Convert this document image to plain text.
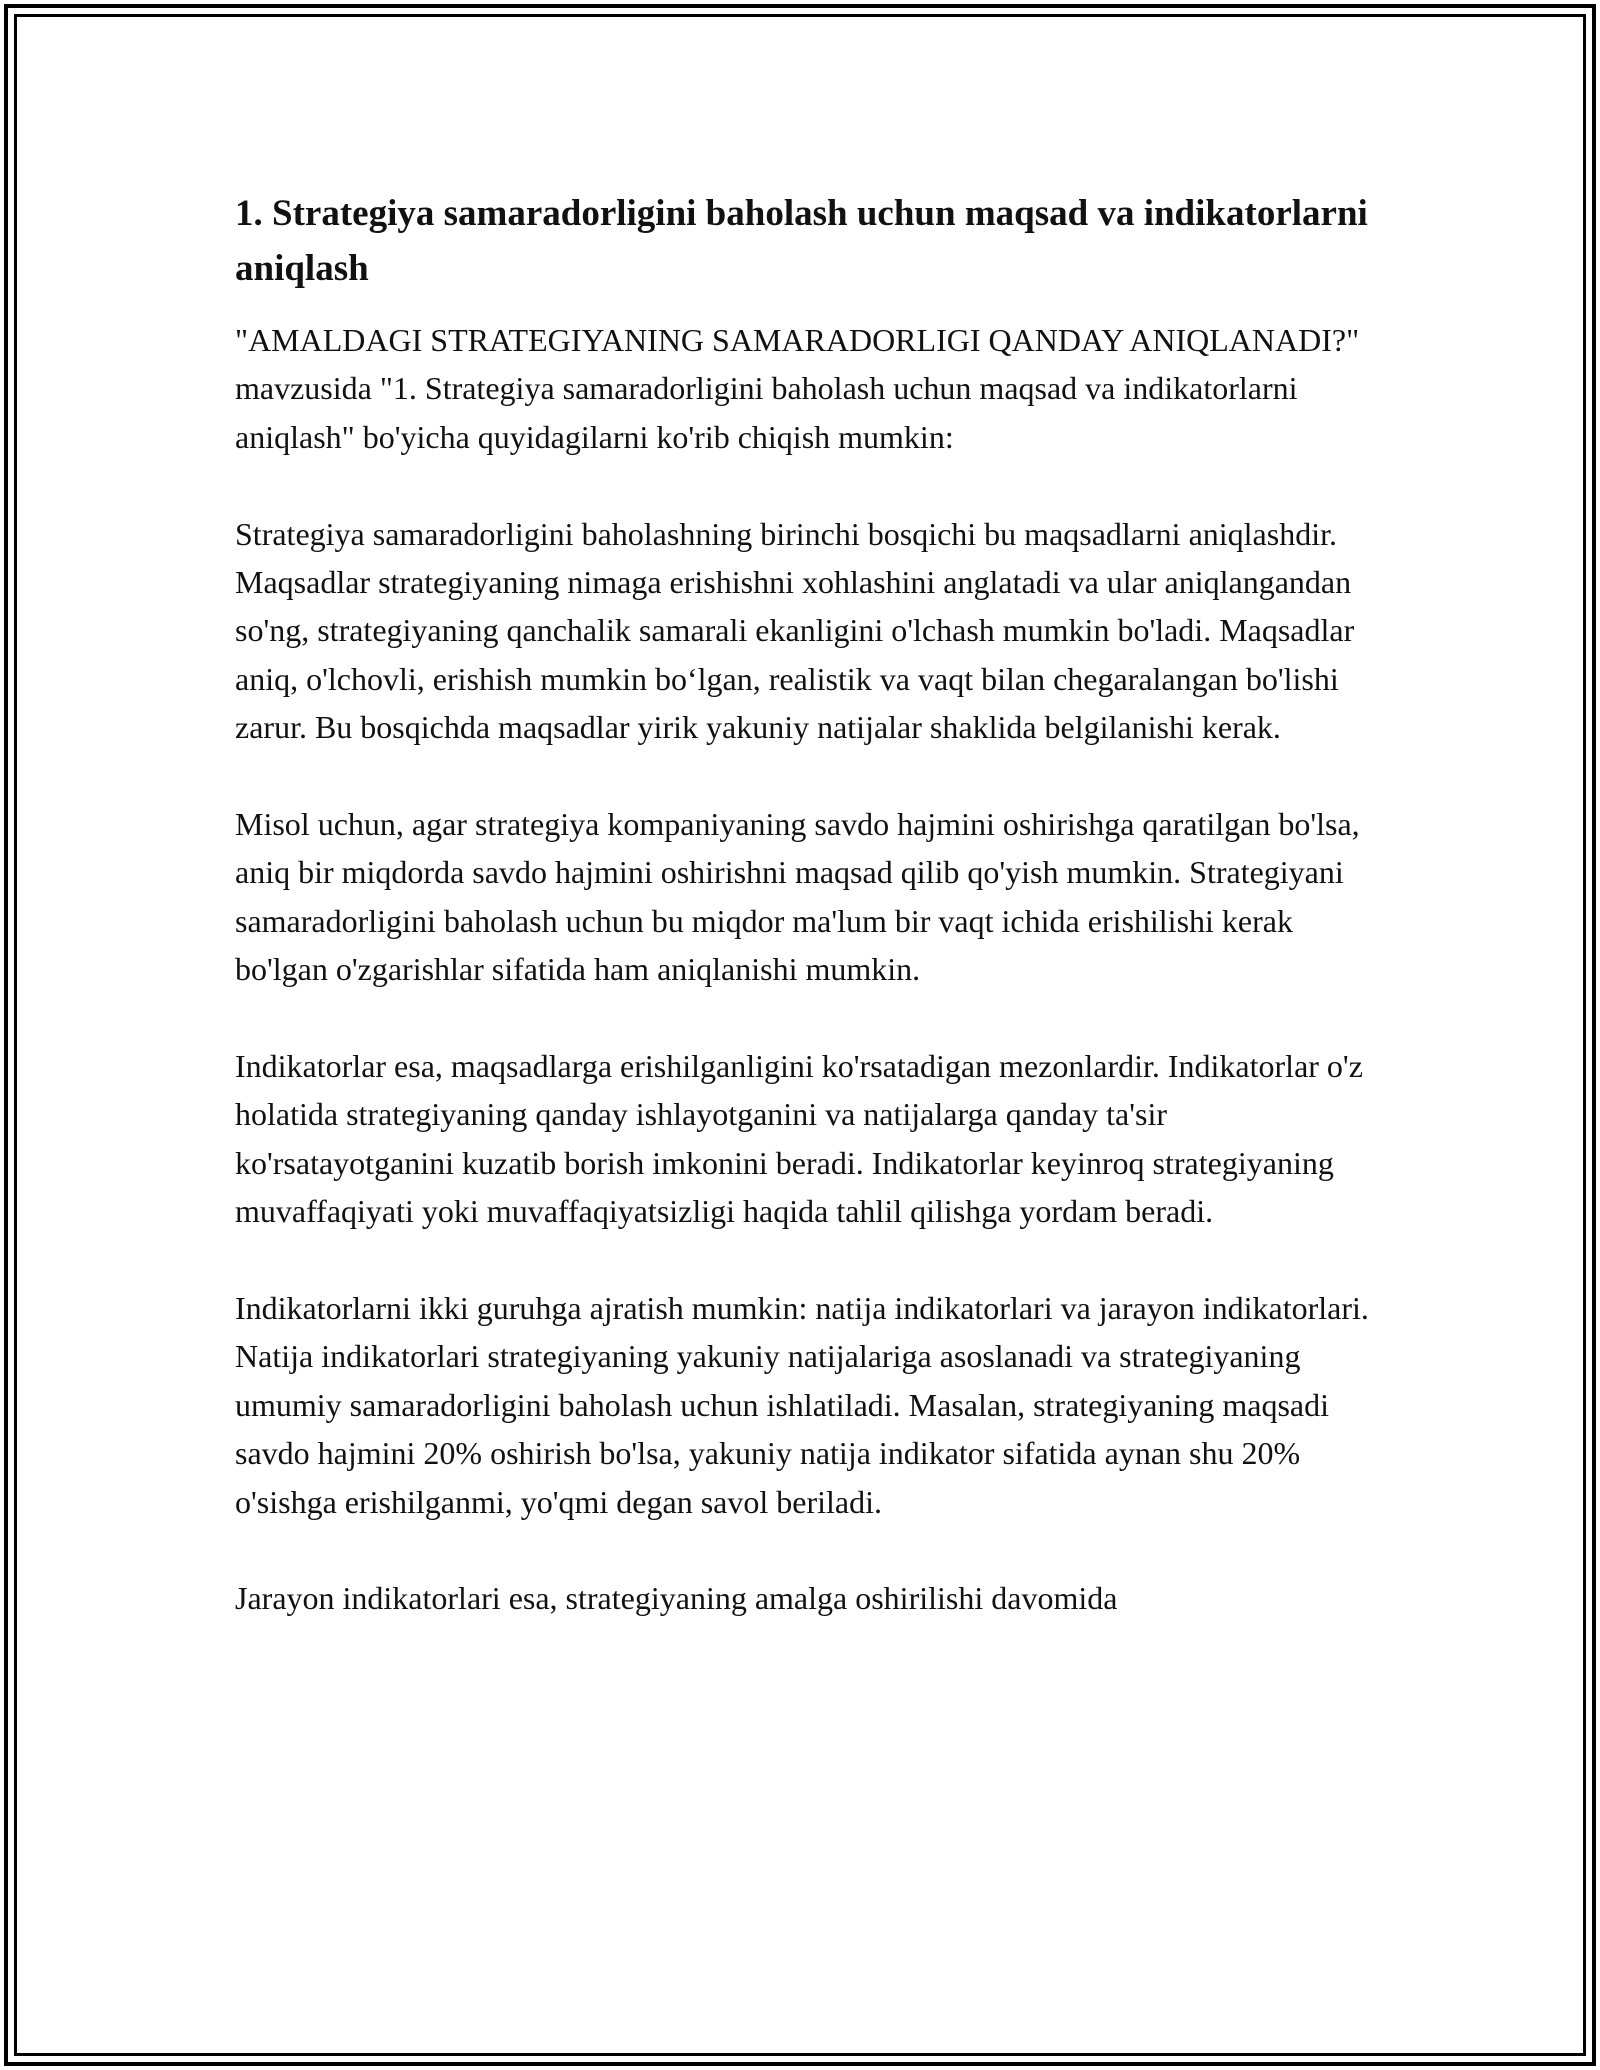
1. Strategiya samaradorligini baholash uchun maqsad va indikatorlarni aniqlash

"AMALDAGI STRATEGIYANING SAMARADORLIGI QANDAY ANIQLANADI?" mavzusida "1. Strategiya samaradorligini baholash uchun maqsad va indikatorlarni aniqlash" bo'yicha quyidagilarni ko'rib chiqish mumkin:

Strategiya samaradorligini baholashning birinchi bosqichi bu maqsadlarni aniqlashdir. Maqsadlar strategiyaning nimaga erishishni xohlashini anglatadi va ular aniqlangandan so'ng, strategiyaning qanchalik samarali ekanligini o'lchash mumkin bo'ladi. Maqsadlar aniq, o'lchovli, erishish mumkin bo‘lgan, realistik va vaqt bilan chegaralangan bo'lishi zarur. Bu bosqichda maqsadlar yirik yakuniy natijalar shaklida belgilanishi kerak.

Misol uchun, agar strategiya kompaniyaning savdo hajmini oshirishga qaratilgan bo'lsa, aniq bir miqdorda savdo hajmini oshirishni maqsad qilib qo'yish mumkin. Strategiyani samaradorligini baholash uchun bu miqdor ma'lum bir vaqt ichida erishilishi kerak bo'lgan o'zgarishlar sifatida ham aniqlanishi mumkin.

Indikatorlar esa, maqsadlarga erishilganligini ko'rsatadigan mezonlardir. Indikatorlar o'z holatida strategiyaning qanday ishlayotganini va natijalarga qanday ta'sir ko'rsatayotganini kuzatib borish imkonini beradi. Indikatorlar keyinroq strategiyaning muvaffaqiyati yoki muvaffaqiyatsizligi haqida tahlil qilishga yordam beradi.

Indikatorlarni ikki guruhga ajratish mumkin: natija indikatorlari va jarayon indikatorlari. Natija indikatorlari strategiyaning yakuniy natijalariga asoslanadi va strategiyaning umumiy samaradorligini baholash uchun ishlatiladi. Masalan, strategiyaning maqsadi savdo hajmini 20% oshirish bo'lsa, yakuniy natija indikator sifatida aynan shu 20% o'sishga erishilganmi, yo'qmi degan savol beriladi.

Jarayon indikatorlari esa, strategiyaning amalga oshirilishi davomida
